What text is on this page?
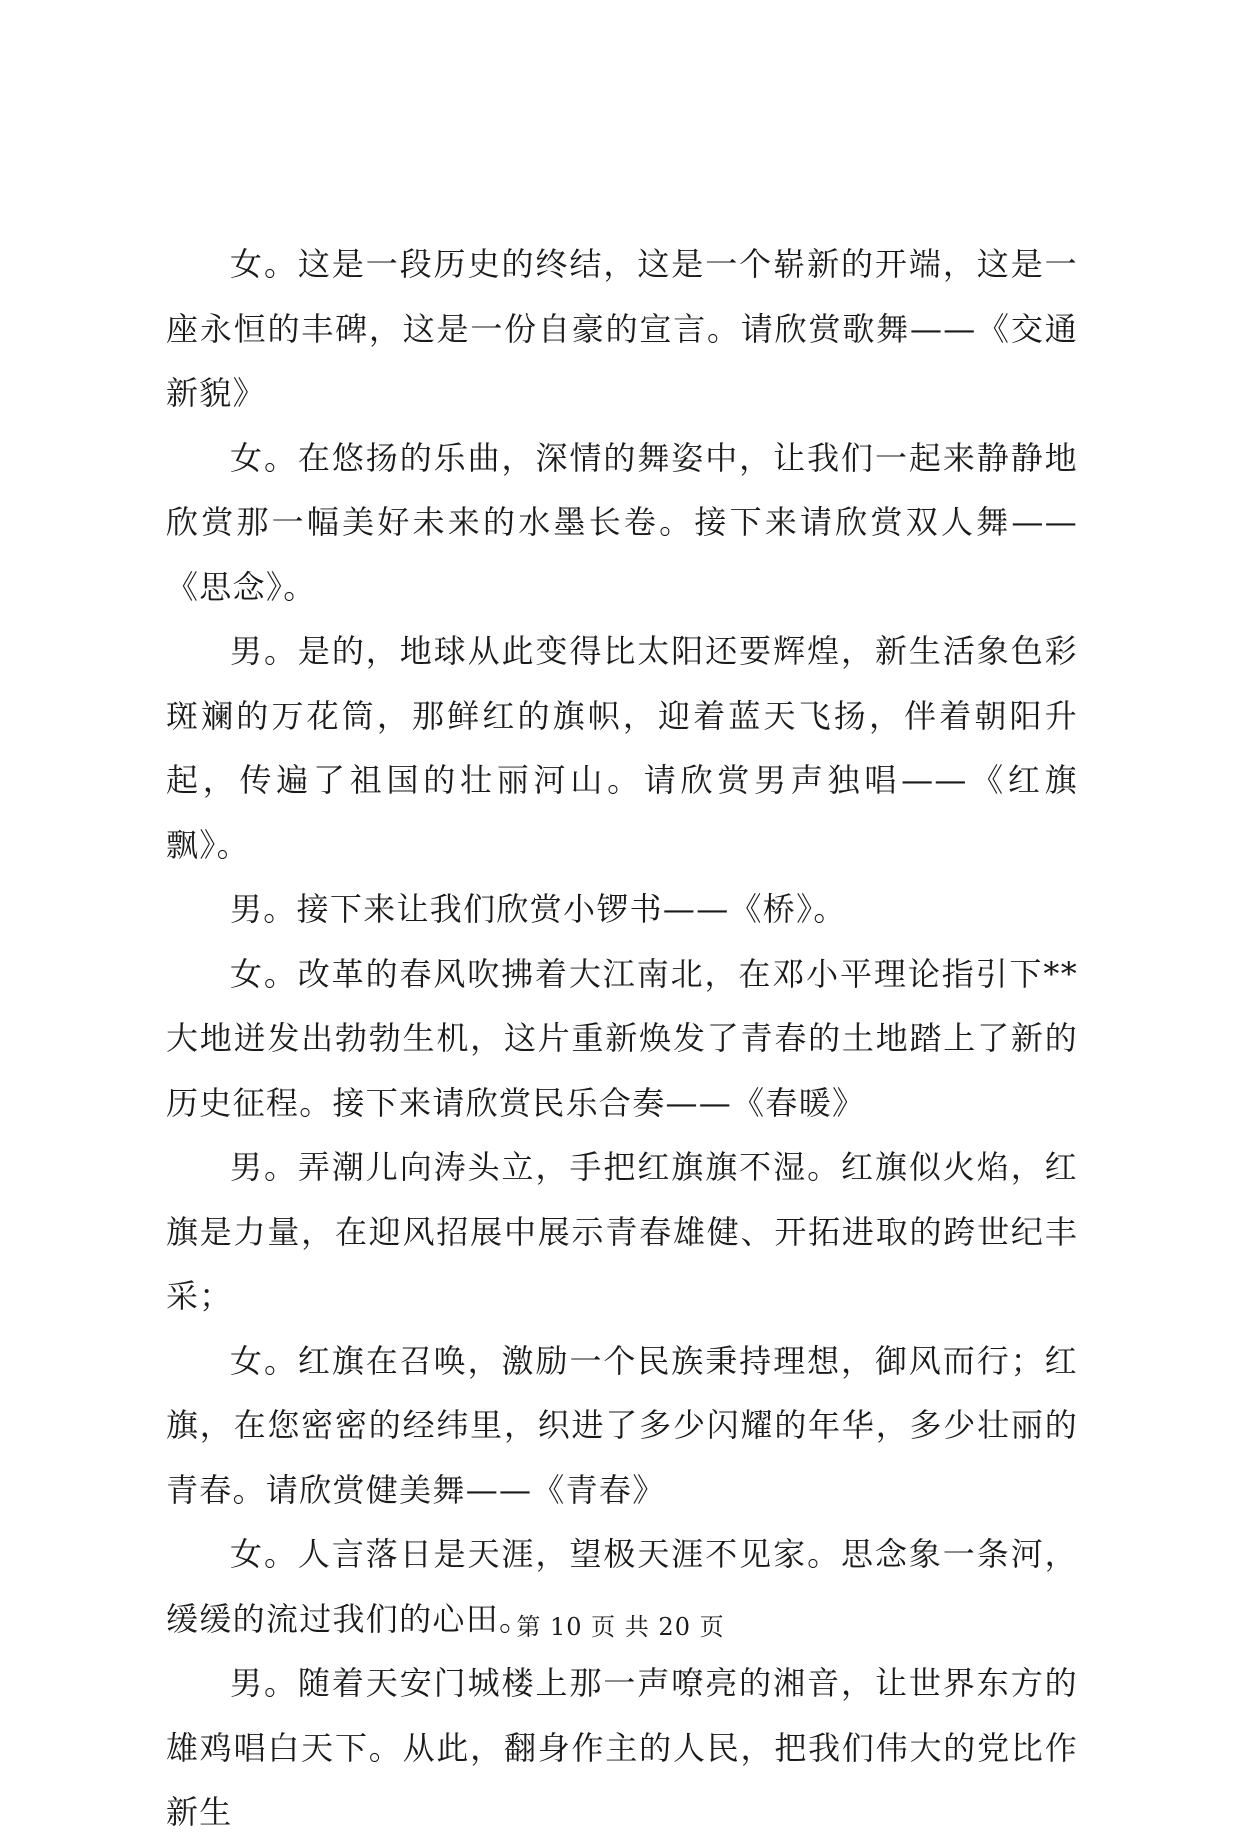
女。这是一段历史的终结，这是一个崭新的开端，这是一座永恒的丰碑，这是一份自豪的宣言。请欣赏歌舞——《交通新貌》

女。在悠扬的乐曲，深情的舞姿中，让我们一起来静静地欣赏那一幅美好未来的水墨长卷。接下来请欣赏双人舞——《思念》。

男。是的，地球从此变得比太阳还要辉煌，新生活象色彩斑斓的万花筒，那鲜红的旗帜，迎着蓝天飞扬，伴着朝阳升起，传遍了祖国的壮丽河山。请欣赏男声独唱——《红旗飘》。

男。接下来让我们欣赏小锣书——《桥》。

女。改革的春风吹拂着大江南北，在邓小平理论指引下**大地迸发出勃勃生机，这片重新焕发了青春的土地踏上了新的历史征程。接下来请欣赏民乐合奏——《春暖》

男。弄潮儿向涛头立，手把红旗旗不湿。红旗似火焰，红旗是力量，在迎风招展中展示青春雄健、开拓进取的跨世纪丰采；

女。红旗在召唤，激励一个民族秉持理想，御风而行；红旗，在您密密的经纬里，织进了多少闪耀的年华，多少壮丽的青春。请欣赏健美舞——《青春》

女。人言落日是天涯，望极天涯不见家。思念象一条河，缓缓的流过我们的心田。

男。随着天安门城楼上那一声嘹亮的湘音，让世界东方的雄鸡唱白天下。从此，翻身作主的人民，把我们伟大的党比作新生

第 10 页 共 20 页
